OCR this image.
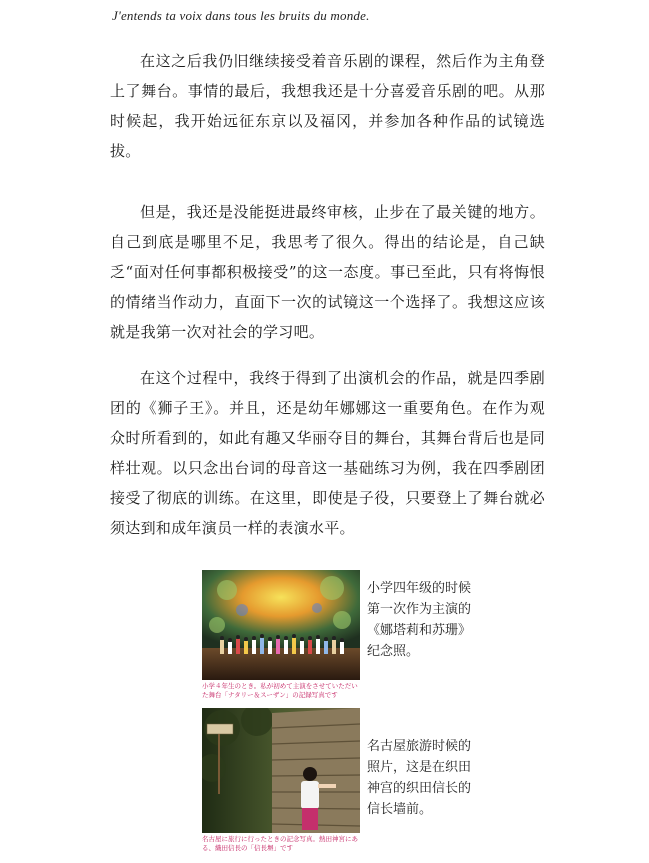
J'entends ta voix dans tous les bruits du monde.

在这之后我仍旧继续接受着音乐剧的课程，然后作为主角登上了舞台。事情的最后，我想我还是十分喜爱音乐剧的吧。从那时候起，我开始远征东京以及福冈，并参加各种作品的试镜选拔。

但是，我还是没能挺进最终审核，止步在了最关键的地方。自己到底是哪里不足，我思考了很久。得出的结论是，自己缺乏“面对任何事都积极接受”的这一态度。事已至此，只有将悔恨的情绪当作动力，直面下一次的试镜这一个选择了。我想这应该就是我第一次对社会的学习吧。

在这个过程中，我终于得到了出演机会的作品，就是四季剧团的《狮子王》。并且，还是幼年娜娜这一重要角色。在作为观众时所看到的，如此有趣又华丽夺目的舞台，其舞台背后也是同样壮观。以只念出台词的母音这一基础练习为例，我在四季剧团接受了彻底的训练。在这里，即使是子役，只要登上了舞台就必须达到和成年演员一样的表演水平。

小学４年生のとき。私が初めて主演をさせていただいた舞台「ナタリー＆スーザン」の記録写真です
小学四年级的时候第一次作为主演的《娜塔莉和苏珊》纪念照。
名古屋に旅行に行ったときの記念写真。熱田神宮にある、織田信長の「信長塀」です
名古屋旅游时候的照片，这是在织田神宫的织田信长的信长墙前。
